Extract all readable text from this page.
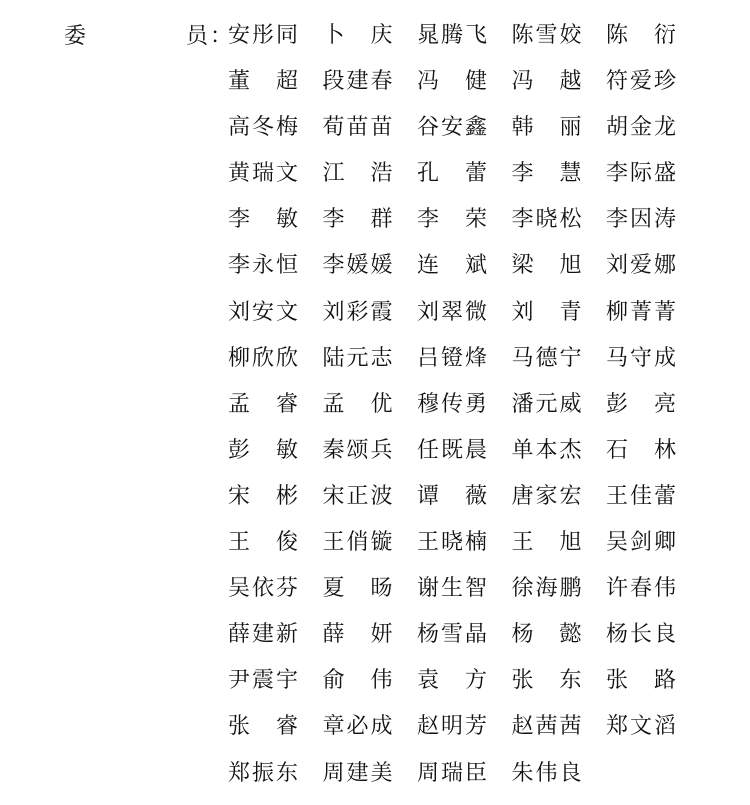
委	员 ：
安彤同 卜 庆 晁腾飞 陈雪姣 陈 衍
董 超 段建春 冯 健 冯 越 符爱珍
高冬梅 荀苗苗 谷安鑫 韩 丽 胡金龙
黄瑞文 江 浩 孔 蕾 李 慧 李际盛
李 敏 李 群 李 荣 李晓松 李因涛
李永恒 李媛媛 连 斌 梁 旭 刘爱娜
刘安文 刘彩霞 刘翠微 刘 青 柳菁菁
柳欣欣 陆元志 吕镫烽 马德宁 马守成
孟 睿 孟 优 穆传勇 潘元威 彭 亮
彭 敏 秦颂兵 任既晨 单本杰 石 林
宋 彬 宋正波 谭 薇 唐家宏 王佳蕾
王 俊 王俏镟 王晓楠 王 旭 吴剑卿
吴依芬 夏 旸 谢生智 徐海鹏 许春伟
薛建新 薛 妍 杨雪晶 杨 懿 杨长良
尹震宇 俞 伟 袁 方 张 东 张 路
张 睿 章必成 赵明芳 赵茜茜 郑文滔
郑振东 周建美 周瑞臣 朱伟良
